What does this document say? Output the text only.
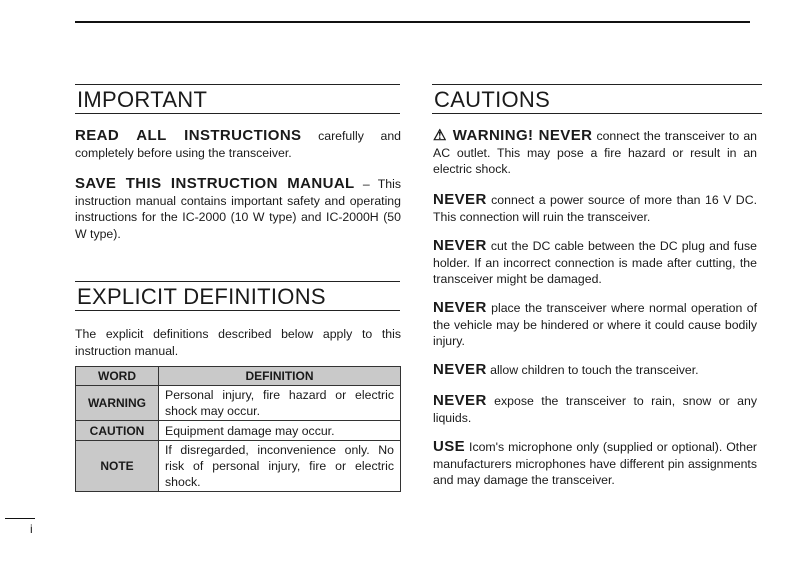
IMPORTANT
READ ALL INSTRUCTIONS carefully and completely before using the transceiver.
SAVE THIS INSTRUCTION MANUAL – This instruction manual contains important safety and operating instructions for the IC-2000 (10 W type) and IC-2000H (50 W type).
EXPLICIT DEFINITIONS
The explicit definitions described below apply to this instruction manual.
WORD	DEFINITION
WARNING	Personal injury, fire hazard or electric shock may occur.
CAUTION	Equipment damage may occur.
NOTE	If disregarded, inconvenience only. No risk of personal injury, fire or electric shock.
CAUTIONS
⚠ WARNING! NEVER connect the transceiver to an AC outlet. This may pose a fire hazard or result in an electric shock.
NEVER connect a power source of more than 16 V DC. This connection will ruin the transceiver.
NEVER cut the DC cable between the DC plug and fuse holder. If an incorrect connection is made after cutting, the transceiver might be damaged.
NEVER place the transceiver where normal operation of the vehicle may be hindered or where it could cause bodily injury.
NEVER allow children to touch the transceiver.
NEVER expose the transceiver to rain, snow or any liquids.
USE Icom's microphone only (supplied or optional). Other manufacturers microphones have different pin assignments and may damage the transceiver.
i
